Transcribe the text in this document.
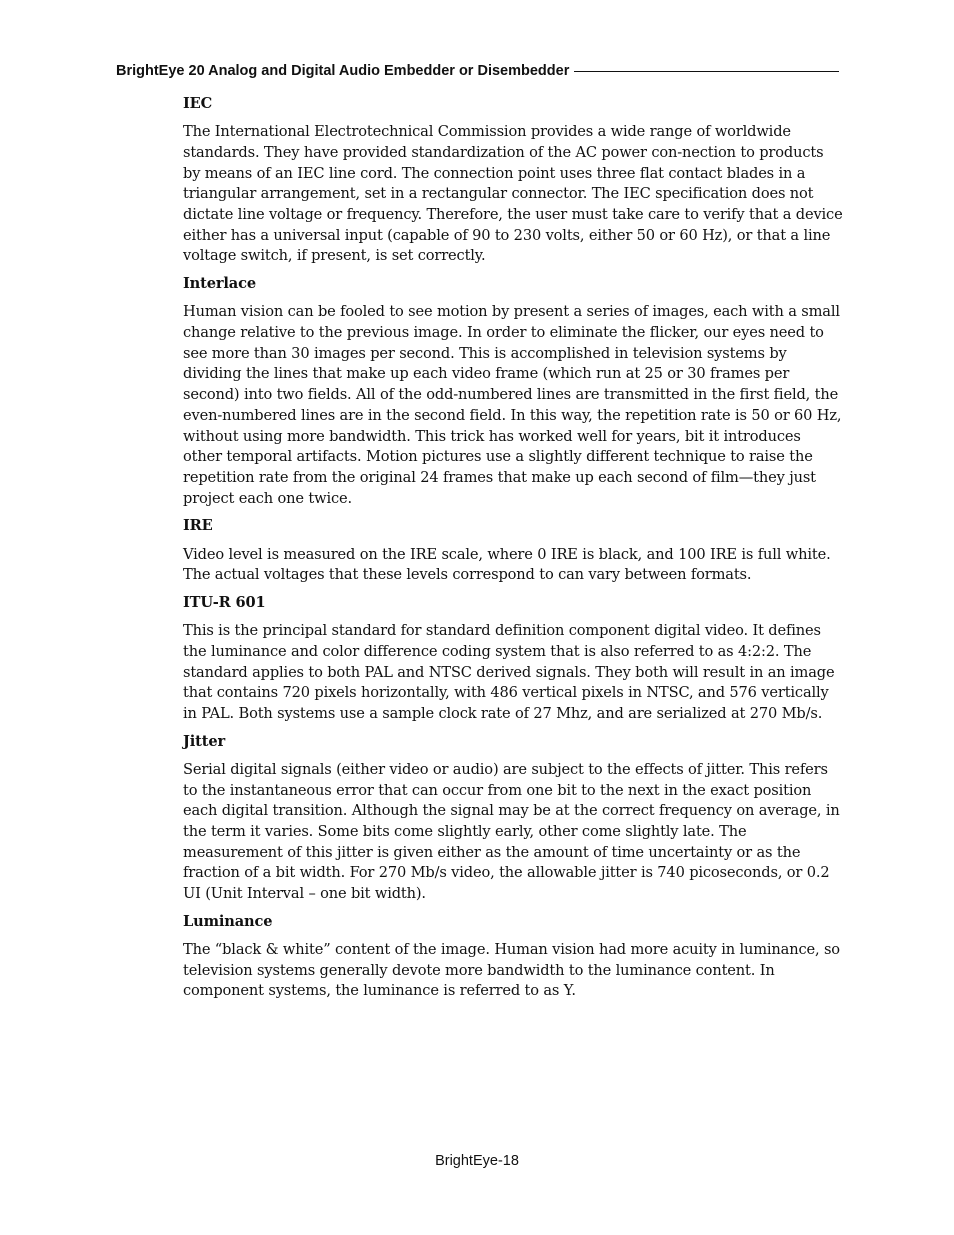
BrightEye 20 Analog and Digital Audio Embedder or Disembedder
IEC
The International Electrotechnical Commission provides a wide range of worldwide standards. They have provided standardization of the AC power con-nection to products by means of an IEC line cord. The connection point uses three flat contact blades in a triangular arrangement, set in a rectangular connector. The IEC specification does not dictate line voltage or frequency. Therefore, the user must take care to verify that a device either has a universal input (capable of 90 to 230 volts, either 50 or 60 Hz), or that a line voltage switch, if present, is set correctly.
Interlace
Human vision can be fooled to see motion by present a series of images, each with a small change relative to the previous image. In order to eliminate the flicker, our eyes need to see more than 30 images per second. This is accomplished in television systems by dividing the lines that make up each video frame (which run at 25 or 30 frames per second) into two fields. All of the odd-numbered lines are transmitted in the first field, the even-numbered lines are in the second field. In this way, the repetition rate is 50 or 60 Hz, without using more bandwidth. This trick has worked well for years, bit it introduces other temporal artifacts. Motion pictures use a slightly different technique to raise the repetition rate from the original 24 frames that make up each second of film—they just project each one twice.
IRE
Video level is measured on the IRE scale, where 0 IRE is black, and 100 IRE is full white. The actual voltages that these levels correspond to can vary between formats.
ITU-R 601
This is the principal standard for standard definition component digital video. It defines the luminance and color difference coding system that is also referred to as 4:2:2. The standard applies to both PAL and NTSC derived signals. They both will result in an image that contains 720 pixels horizontally, with 486 vertical pixels in NTSC, and 576 vertically in PAL. Both systems use a sample clock rate of 27 Mhz, and are serialized at 270 Mb/s.
Jitter
Serial digital signals (either video or audio) are subject to the effects of jitter. This refers to the instantaneous error that can occur from one bit to the next in the exact position each digital transition. Although the signal may be at the correct frequency on average, in the term it varies. Some bits come slightly early, other come slightly late. The measurement of this jitter is given either as the amount of time uncertainty or as the fraction of a bit width. For 270 Mb/s video, the allowable jitter is 740 picoseconds, or 0.2 UI (Unit Interval – one bit width).
Luminance
The “black & white” content of the image. Human vision had more acuity in luminance, so television systems generally devote more bandwidth to the luminance content. In component systems, the luminance is referred to as Y.
BrightEye-18
